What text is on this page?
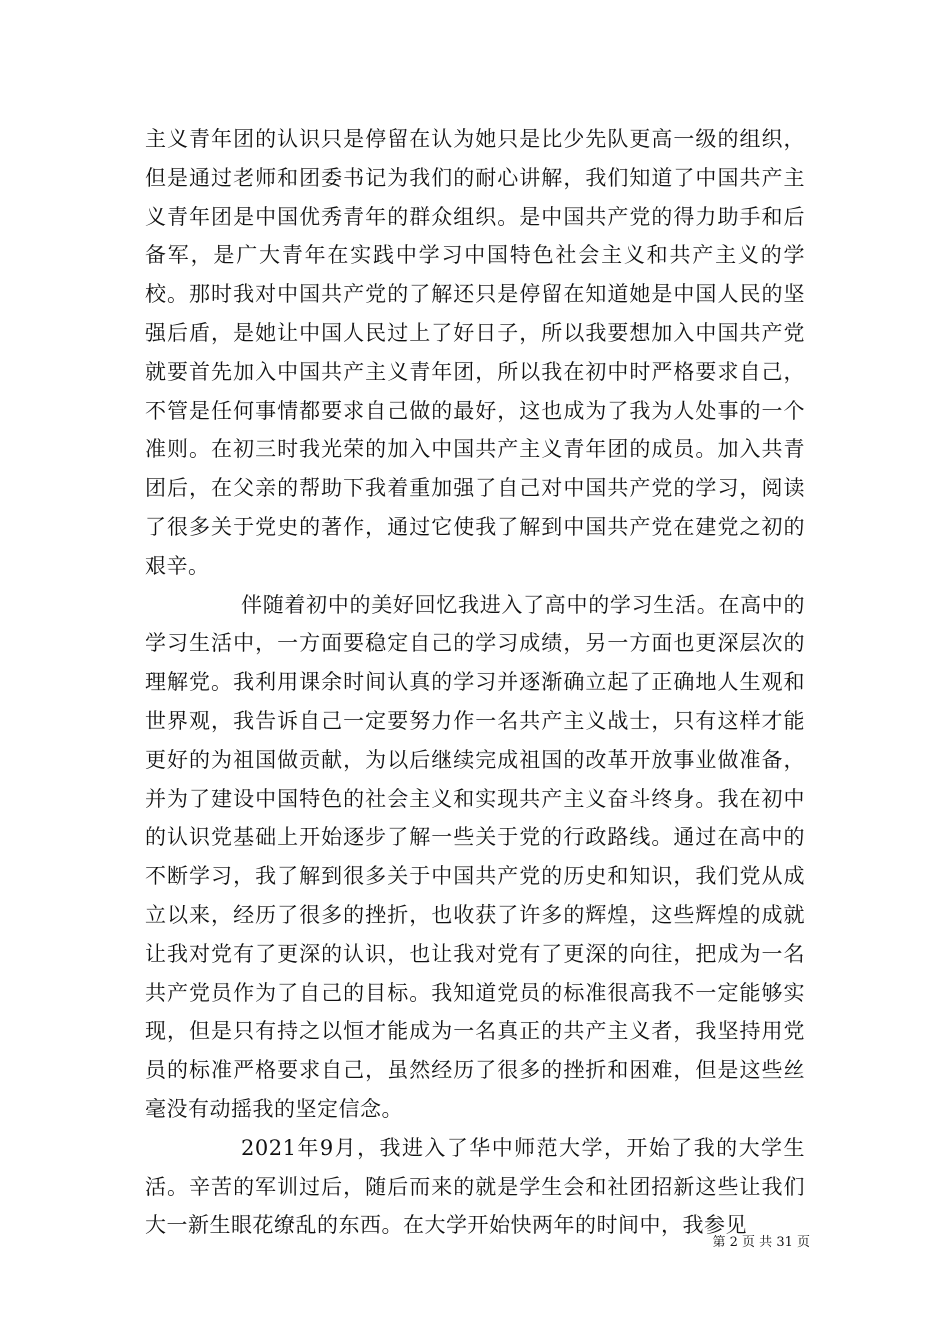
主义青年团的认识只是停留在认为她只是比少先队更高一级的组织，但是通过老师和团委书记为我们的耐心讲解，我们知道了中国共产主义青年团是中国优秀青年的群众组织。是中国共产党的得力助手和后备军，是广大青年在实践中学习中国特色社会主义和共产主义的学校。那时我对中国共产党的了解还只是停留在知道她是中国人民的坚强后盾，是她让中国人民过上了好日子，所以我要想加入中国共产党就要首先加入中国共产主义青年团，所以我在初中时严格要求自己，不管是任何事情都要求自己做的最好，这也成为了我为人处事的一个准则。在初三时我光荣的加入中国共产主义青年团的成员。加入共青团后，在父亲的帮助下我着重加强了自己对中国共产党的学习，阅读了很多关于党史的著作，通过它使我了解到中国共产党在建党之初的艰辛。

伴随着初中的美好回忆我进入了高中的学习生活。在高中的学习生活中，一方面要稳定自己的学习成绩，另一方面也更深层次的理解党。我利用课余时间认真的学习并逐渐确立起了正确地人生观和世界观，我告诉自己一定要努力作一名共产主义战士，只有这样才能更好的为祖国做贡献，为以后继续完成祖国的改革开放事业做准备，并为了建设中国特色的社会主义和实现共产主义奋斗终身。我在初中的认识党基础上开始逐步了解一些关于党的行政路线。通过在高中的不断学习，我了解到很多关于中国共产党的历史和知识，我们党从成立以来，经历了很多的挫折，也收获了许多的辉煌，这些辉煌的成就让我对党有了更深的认识，也让我对党有了更深的向往，把成为一名共产党员作为了自己的目标。我知道党员的标准很高我不一定能够实现，但是只有持之以恒才能成为一名真正的共产主义者，我坚持用党员的标准严格要求自己，虽然经历了很多的挫折和困难，但是这些丝毫没有动摇我的坚定信念。

2021年9月，我进入了华中师范大学，开始了我的大学生活。辛苦的军训过后，随后而来的就是学生会和社团招新这些让我们大一新生眼花缭乱的东西。在大学开始快两年的时间中，我参见

第 2 页 共 31 页
